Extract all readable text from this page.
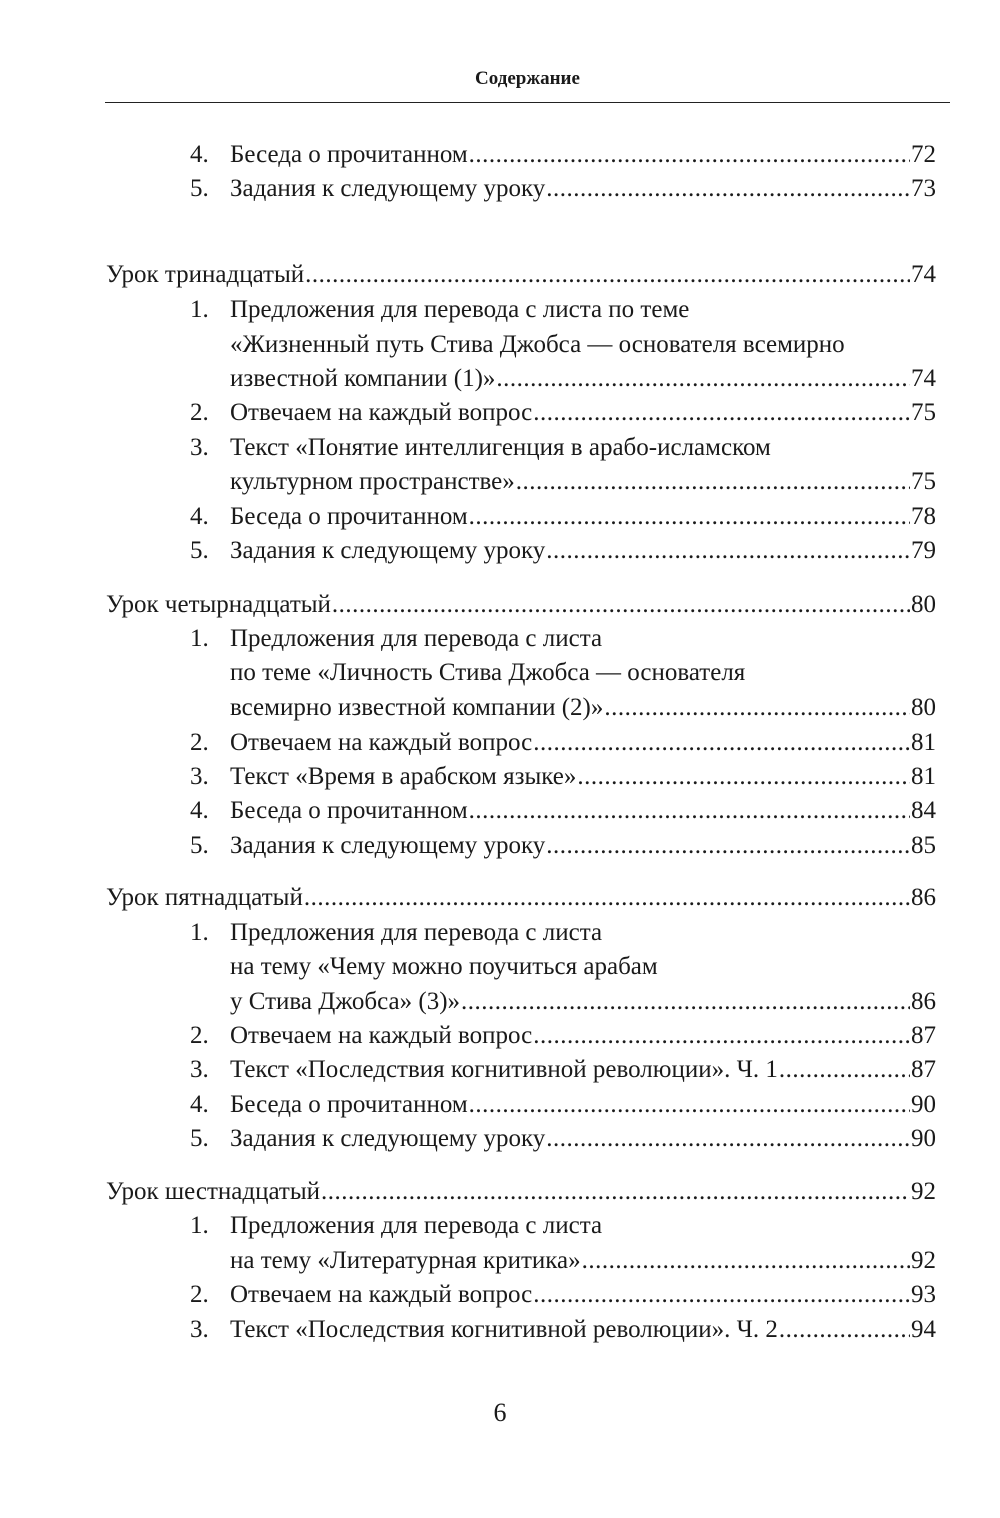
Содержание
4. Беседа о прочитанном .....	72
5. Задания к следующему уроку .....	73
Урок тринадцатый .....	74
1. Предложения для перевода с листа по теме
«Жизненный путь Стива Джобса — основателя всемирно
известной компании (1)» .....	74
2. Отвечаем на каждый вопрос .....	75
3. Текст «Понятие интеллигенция в арабо-исламском
культурном пространстве» .....	75
4. Беседа о прочитанном .....	78
5. Задания к следующему уроку .....	79
Урок четырнадцатый .....	80
1. Предложения для перевода с листа
по теме «Личность Стива Джобса — основателя
всемирно известной компании (2)» .....	80
2. Отвечаем на каждый вопрос .....	81
3. Текст «Время в арабском языке» .....	81
4. Беседа о прочитанном .....	84
5. Задания к следующему уроку .....	85
Урок пятнадцатый .....	86
1. Предложения для перевода с листа
на тему «Чему можно поучиться арабам
у Стива Джобса» (3)» .....	86
2. Отвечаем на каждый вопрос .....	87
3. Текст «Последствия когнитивной революции». Ч. 1 .....	87
4. Беседа о прочитанном .....	90
5. Задания к следующему уроку .....	90
Урок шестнадцатый .....	92
1. Предложения для перевода с листа
на тему «Литературная критика» .....	92
2. Отвечаем на каждый вопрос .....	93
3. Текст «Последствия когнитивной революции». Ч. 2 .....	94
6
